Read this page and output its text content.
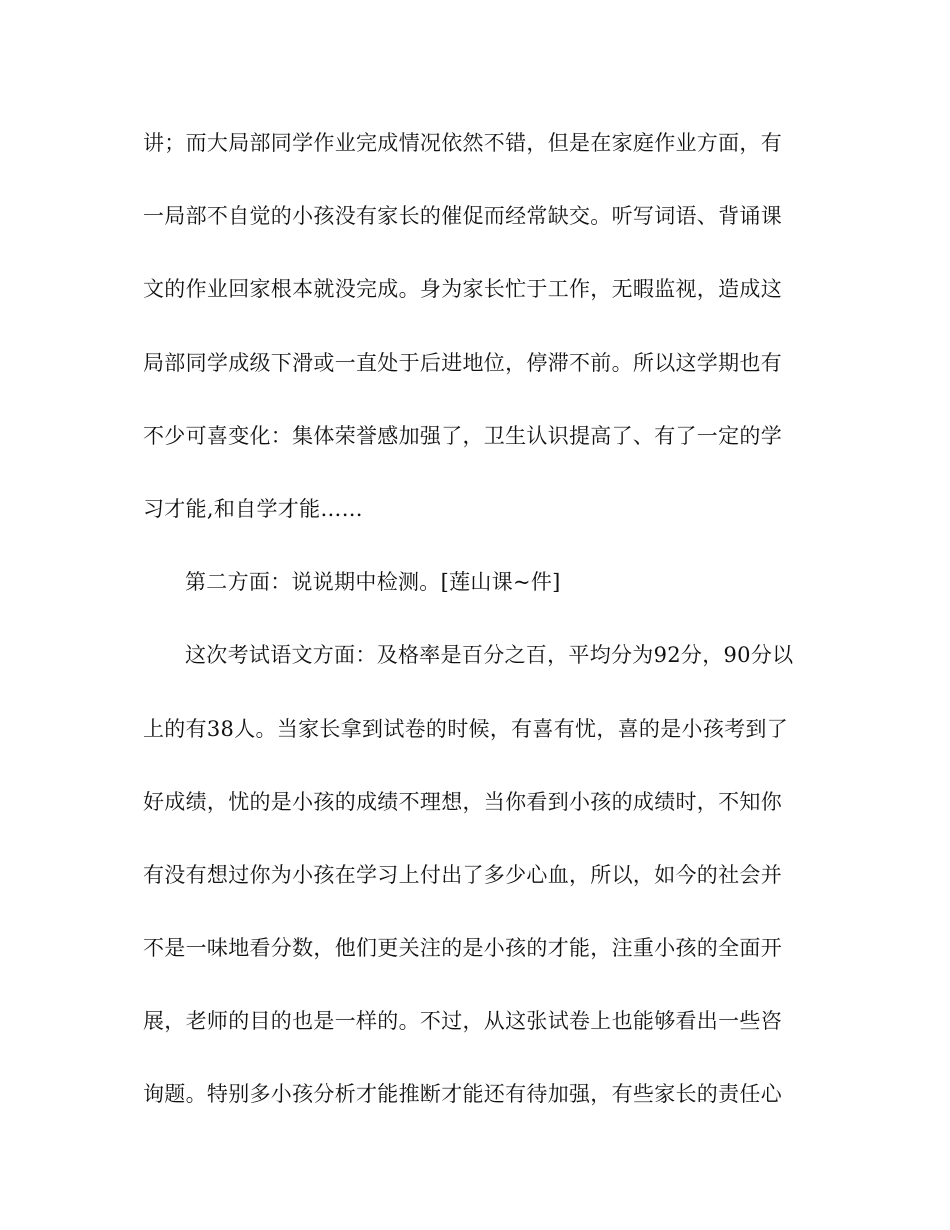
讲；而大局部同学作业完成情况依然不错，但是在家庭作业方面，有
一局部不自觉的小孩没有家长的催促而经常缺交。听写词语、背诵课
文的作业回家根本就没完成。身为家长忙于工作，无暇监视，造成这
局部同学成级下滑或一直处于后进地位，停滞不前。所以这学期也有
不少可喜变化：集体荣誉感加强了，卫生认识提高了、有了一定的学
习才能,和自学才能……
第二方面：说说期中检测。[莲山课~件]
这次考试语文方面：及格率是百分之百，平均分为92分，90分以
上的有38人。当家长拿到试卷的时候，有喜有忧，喜的是小孩考到了
好成绩，忧的是小孩的成绩不理想，当你看到小孩的成绩时，不知你
有没有想过你为小孩在学习上付出了多少心血，所以，如今的社会并
不是一味地看分数，他们更关注的是小孩的才能，注重小孩的全面开
展，老师的目的也是一样的。不过，从这张试卷上也能够看出一些咨
询题。特别多小孩分析才能推断才能还有待加强，有些家长的责任心
